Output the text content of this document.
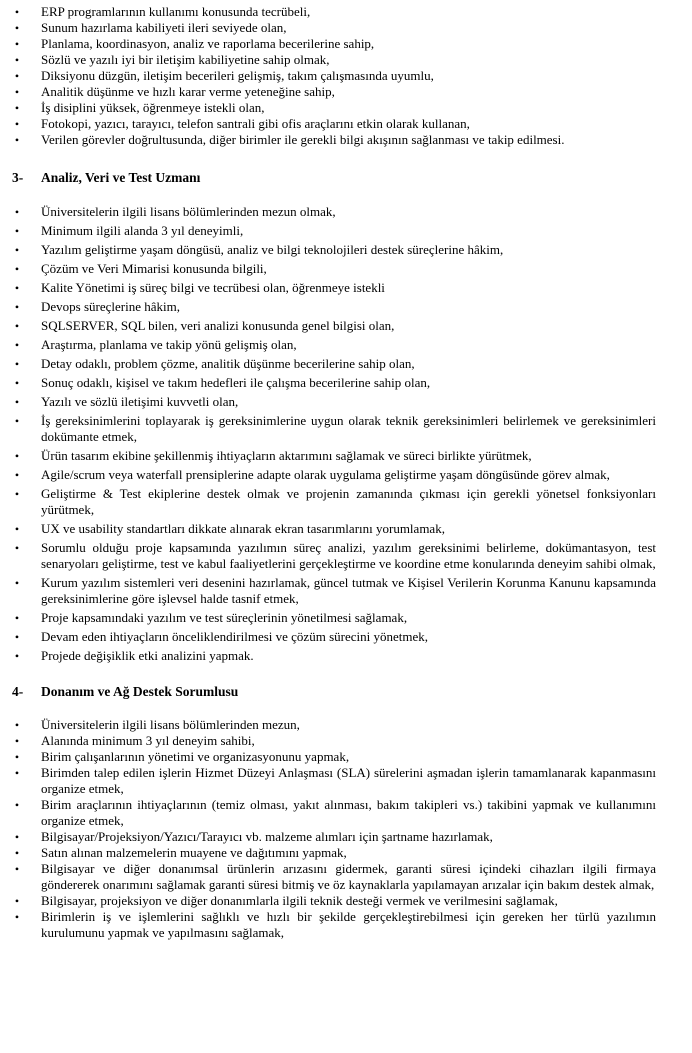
• ERP programlarının kullanımı konusunda tecrübeli,
• Sunum hazırlama kabiliyeti ileri seviyede olan,
• Planlama, koordinasyon, analiz ve raporlama becerilerine sahip,
• Sözlü ve yazılı iyi bir iletişim kabiliyetine sahip olmak,
• Diksiyonu düzgün, iletişim becerileri gelişmiş, takım çalışmasında uyumlu,
• Analitik düşünme ve hızlı karar verme yeteneğine sahip,
• İş disiplini yüksek, öğrenmeye istekli olan,
• Fotokopi, yazıcı, tarayıcı, telefon santrali gibi ofis araçlarını etkin olarak kullanan,
• Verilen görevler doğrultusunda, diğer birimler ile gerekli bilgi akışının sağlanması ve takip edilmesi.
3- Analiz, Veri ve Test Uzmanı
• Üniversitelerin ilgili lisans bölümlerinden mezun olmak,
• Minimum ilgili alanda 3 yıl deneyimli,
• Yazılım geliştirme yaşam döngüsü, analiz ve bilgi teknolojileri destek süreçlerine hâkim,
• Çözüm ve Veri Mimarisi konusunda bilgili,
• Kalite Yönetimi iş süreç bilgi ve tecrübesi olan, öğrenmeye istekli
• Devops süreçlerine hâkim,
• SQLSERVER, SQL bilen, veri analizi konusunda genel bilgisi olan,
• Araştırma, planlama ve takip yönü gelişmiş olan,
• Detay odaklı, problem çözme, analitik düşünme becerilerine sahip olan,
• Sonuç odaklı, kişisel ve takım hedefleri ile çalışma becerilerine sahip olan,
• Yazılı ve sözlü iletişimi kuvvetli olan,
• İş gereksinimlerini toplayarak iş gereksinimlerine uygun olarak teknik gereksinimleri belirlemek ve gereksinimleri dokümante etmek,
• Ürün tasarım ekibine şekillenmiş ihtiyaçların aktarımını sağlamak ve süreci birlikte yürütmek,
• Agile/scrum veya waterfall prensiplerine adapte olarak uygulama geliştirme yaşam döngüsünde görev almak,
• Geliştirme & Test ekiplerine destek olmak ve projenin zamanında çıkması için gerekli yönetsel fonksiyonları yürütmek,
• UX ve usability standartları dikkate alınarak ekran tasarımlarını yorumlamak,
• Sorumlu olduğu proje kapsamında yazılımın süreç analizi, yazılım gereksinimi belirleme, dokümantasyon, test senaryoları geliştirme, test ve kabul faaliyetlerini gerçekleştirme ve koordine etme konularında deneyim sahibi olmak,
• Kurum yazılım sistemleri veri desenini hazırlamak, güncel tutmak ve Kişisel Verilerin Korunma Kanunu kapsamında gereksinimlerine göre işlevsel halde tasnif etmek,
• Proje kapsamındaki yazılım ve test süreçlerinin yönetilmesi sağlamak,
• Devam eden ihtiyaçların önceliklendirilmesi ve çözüm sürecini yönetmek,
• Projede değişiklik etki analizini yapmak.
4- Donanım ve Ağ Destek Sorumlusu
• Üniversitelerin ilgili lisans bölümlerinden mezun,
• Alanında minimum 3 yıl deneyim sahibi,
• Birim çalışanlarının yönetimi ve organizasyonunu yapmak,
• Birimden talep edilen işlerin Hizmet Düzeyi Anlaşması (SLA) sürelerini aşmadan işlerin tamamlanarak kapanmasını organize etmek,
• Birim araçlarının ihtiyaçlarının (temiz olması, yakıt alınması, bakım takipleri vs.) takibini yapmak ve kullanımını organize etmek,
• Bilgisayar/Projeksiyon/Yazıcı/Tarayıcı vb. malzeme alımları için şartname hazırlamak,
• Satın alınan malzemelerin muayene ve dağıtımını yapmak,
• Bilgisayar ve diğer donanımsal ürünlerin arızasını gidermek, garanti süresi içindeki cihazları ilgili firmaya göndererek onarımını sağlamak garanti süresi bitmiş ve öz kaynaklarla yapılamayan arızalar için bakım destek almak,
• Bilgisayar, projeksiyon ve diğer donanımlarla ilgili teknik desteği vermek ve verilmesini sağlamak,
• Birimlerin iş ve işlemlerini sağlıklı ve hızlı bir şekilde gerçekleştirebilmesi için gereken her türlü yazılımın kurulumunu yapmak ve yapılmasını sağlamak,
